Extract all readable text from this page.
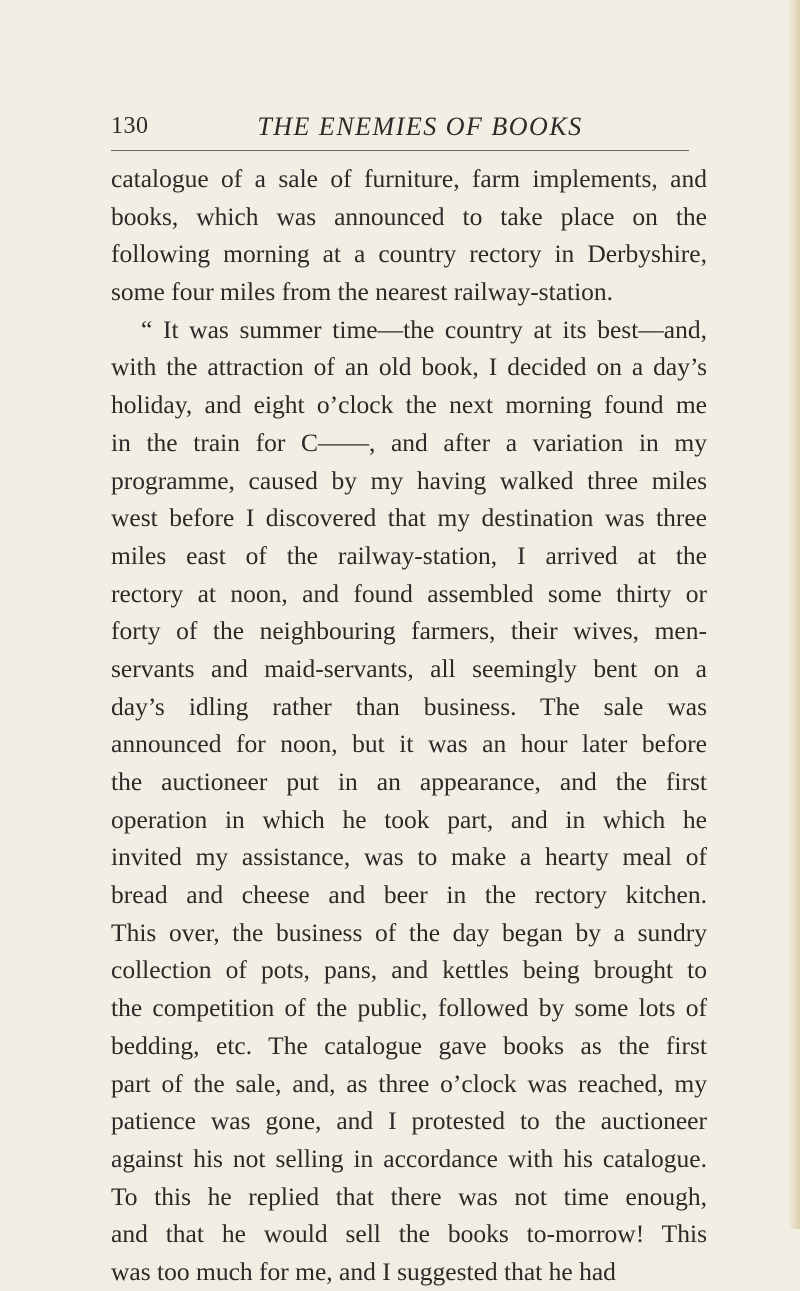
130	THE ENEMIES OF BOOKS
catalogue of a sale of furniture, farm implements, and
books, which was announced to take place on the
following morning at a country rectory in Derbyshire,
some four miles from the nearest railway-station.
“ It was summer time—the country at its best—and,
with the attraction of an old book, I decided on a day’s
holiday, and eight o’clock the next morning found me
in the train for C——, and after a variation in my
programme, caused by my having walked three miles
west before I discovered that my destination was three
miles east of the railway-station, I arrived at the
rectory at noon, and found assembled some thirty or
forty of the neighbouring farmers, their wives, men-
servants and maid-servants, all seemingly bent on a
day’s idling rather than business. The sale was
announced for noon, but it was an hour later before
the auctioneer put in an appearance, and the first
operation in which he took part, and in which he
invited my assistance, was to make a hearty meal of
bread and cheese and beer in the rectory kitchen.
This over, the business of the day began by a sundry
collection of pots, pans, and kettles being brought to
the competition of the public, followed by some lots of
bedding, etc. The catalogue gave books as the first
part of the sale, and, as three o’clock was reached, my
patience was gone, and I protested to the auctioneer
against his not selling in accordance with his catalogue.
To this he replied that there was not time enough,
and that he would sell the books to-morrow! This
was too much for me, and I suggested that he had
